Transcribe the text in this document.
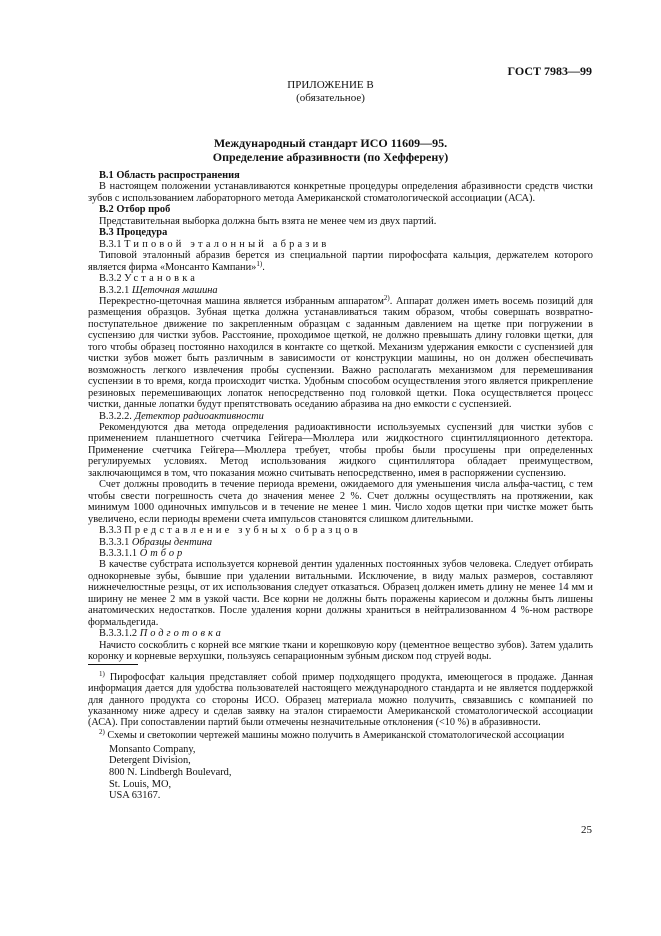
ГОСТ 7983—99
ПРИЛОЖЕНИЕ В
(обязательное)
Международный стандарт ИСО 11609—95.
Определение абразивности (по Хефферену)

В.1 Область распространения

В настоящем положении устанавливаются конкретные процедуры определения абразивности средств чистки зубов с использованием лабораторного метода Американской стоматологической ассоциации (АСА).

В.2 Отбор проб

Представительная выборка должна быть взята не менее чем из двух партий.

В.3 Процедура

В.3.1 Типовой эталонный абразив

Типовой эталонный абразив берется из специальной партии пирофосфата кальция, держателем которого является фирма «Монсанто Кампани»$^{1)}$.

В.3.2 Установка

В.3.2.1 Щеточная машина

Перекрестно-щеточная машина является избранным аппаратом$^{2)}$. Аппарат должен иметь восемь позиций для размещения образцов. Зубная щетка должна устанавливаться таким образом, чтобы совершать возвратно-поступательное движение по закрепленным образцам с заданным давлением на щетке при погружении в суспензию для чистки зубов. Расстояние, проходимое щеткой, не должно превышать длину головки щетки, для того чтобы образец постоянно находился в контакте со щеткой. Механизм удержания емкости с суспензией для чистки зубов может быть различным в зависимости от конструкции машины, но он должен обеспечивать возможность легкого извлечения пробы суспензии. Важно располагать механизмом для перемешивания суспензии в то время, когда происходит чистка. Удобным способом осуществления этого является прикрепление резиновых перемешивающих лопаток непосредственно под головкой щетки. Пока осуществляется процесс чистки, данные лопатки будут препятствовать оседанию абразива на дно емкости с суспензией.

В.3.2.2. Детектор радиоактивности

Рекомендуются два метода определения радиоактивности используемых суспензий для чистки зубов с применением планшетного счетчика Гейгера—Мюллера или жидкостного сцинтилляционного детектора. Применение счетчика Гейгера—Мюллера требует, чтобы пробы были просушены при определенных регулируемых условиях. Метод использования жидкого сцинтиллятора обладает преимуществом, заключающимся в том, что показания можно считывать непосредственно, имея в распоряжении суспензию.

Счет должны проводить в течение периода времени, ожидаемого для уменьшения числа альфа-частиц, с тем чтобы свести погрешность счета до значения менее 2 %. Счет должны осуществлять на протяжении, как минимум 1000 одиночных импульсов и в течение не менее 1 мин. Число ходов щетки при чистке может быть увеличено, если периоды времени счета импульсов становятся слишком длительными.

В.3.3 Представление зубных образцов

В.3.3.1 Образцы дентина

В.3.3.1.1 Отбор

В качестве субстрата используется корневой дентин удаленных постоянных зубов человека. Следует отбирать однокорневые зубы, бывшие при удалении витальными. Исключение, в виду малых размеров, составляют нижнечелюстные резцы, от их использования следует отказаться. Образец должен иметь длину не менее 14 мм и ширину не менее 2 мм в узкой части. Все корни не должны быть поражены кариесом и должны быть лишены анатомических недостатков. После удаления корни должны храниться в нейтрализованном 4 %-ном растворе формальдегида.

В.3.3.1.2 Подготовка

Начисто соскоблить с корней все мягкие ткани и корешковую кору (цементное вещество зубов). Затем удалить коронку и корневые верхушки, пользуясь сепарационным зубным диском под струей воды.

$^{1)}$ Пирофосфат кальция представляет собой пример подходящего продукта, имеющегося в продаже. Данная информация дается для удобства пользователей настоящего международного стандарта и не является поддержкой для данного продукта со стороны ИСО. Образец материала можно получить, связавшись с компанией по указанному ниже адресу и сделав заявку на эталон стираемости Американской стоматологической ассоциации (АСА). При сопоставлении партий были отмечены незначительные отклонения (<10 %) в абразивности.

$^{2)}$ Схемы и светокопии чертежей машины можно получить в Американской стоматологической ассоциации

Monsanto Company,
Detergent Division,
800 N. Lindbergh Boulevard,
St. Louis, MO,
USA 63167.
25
